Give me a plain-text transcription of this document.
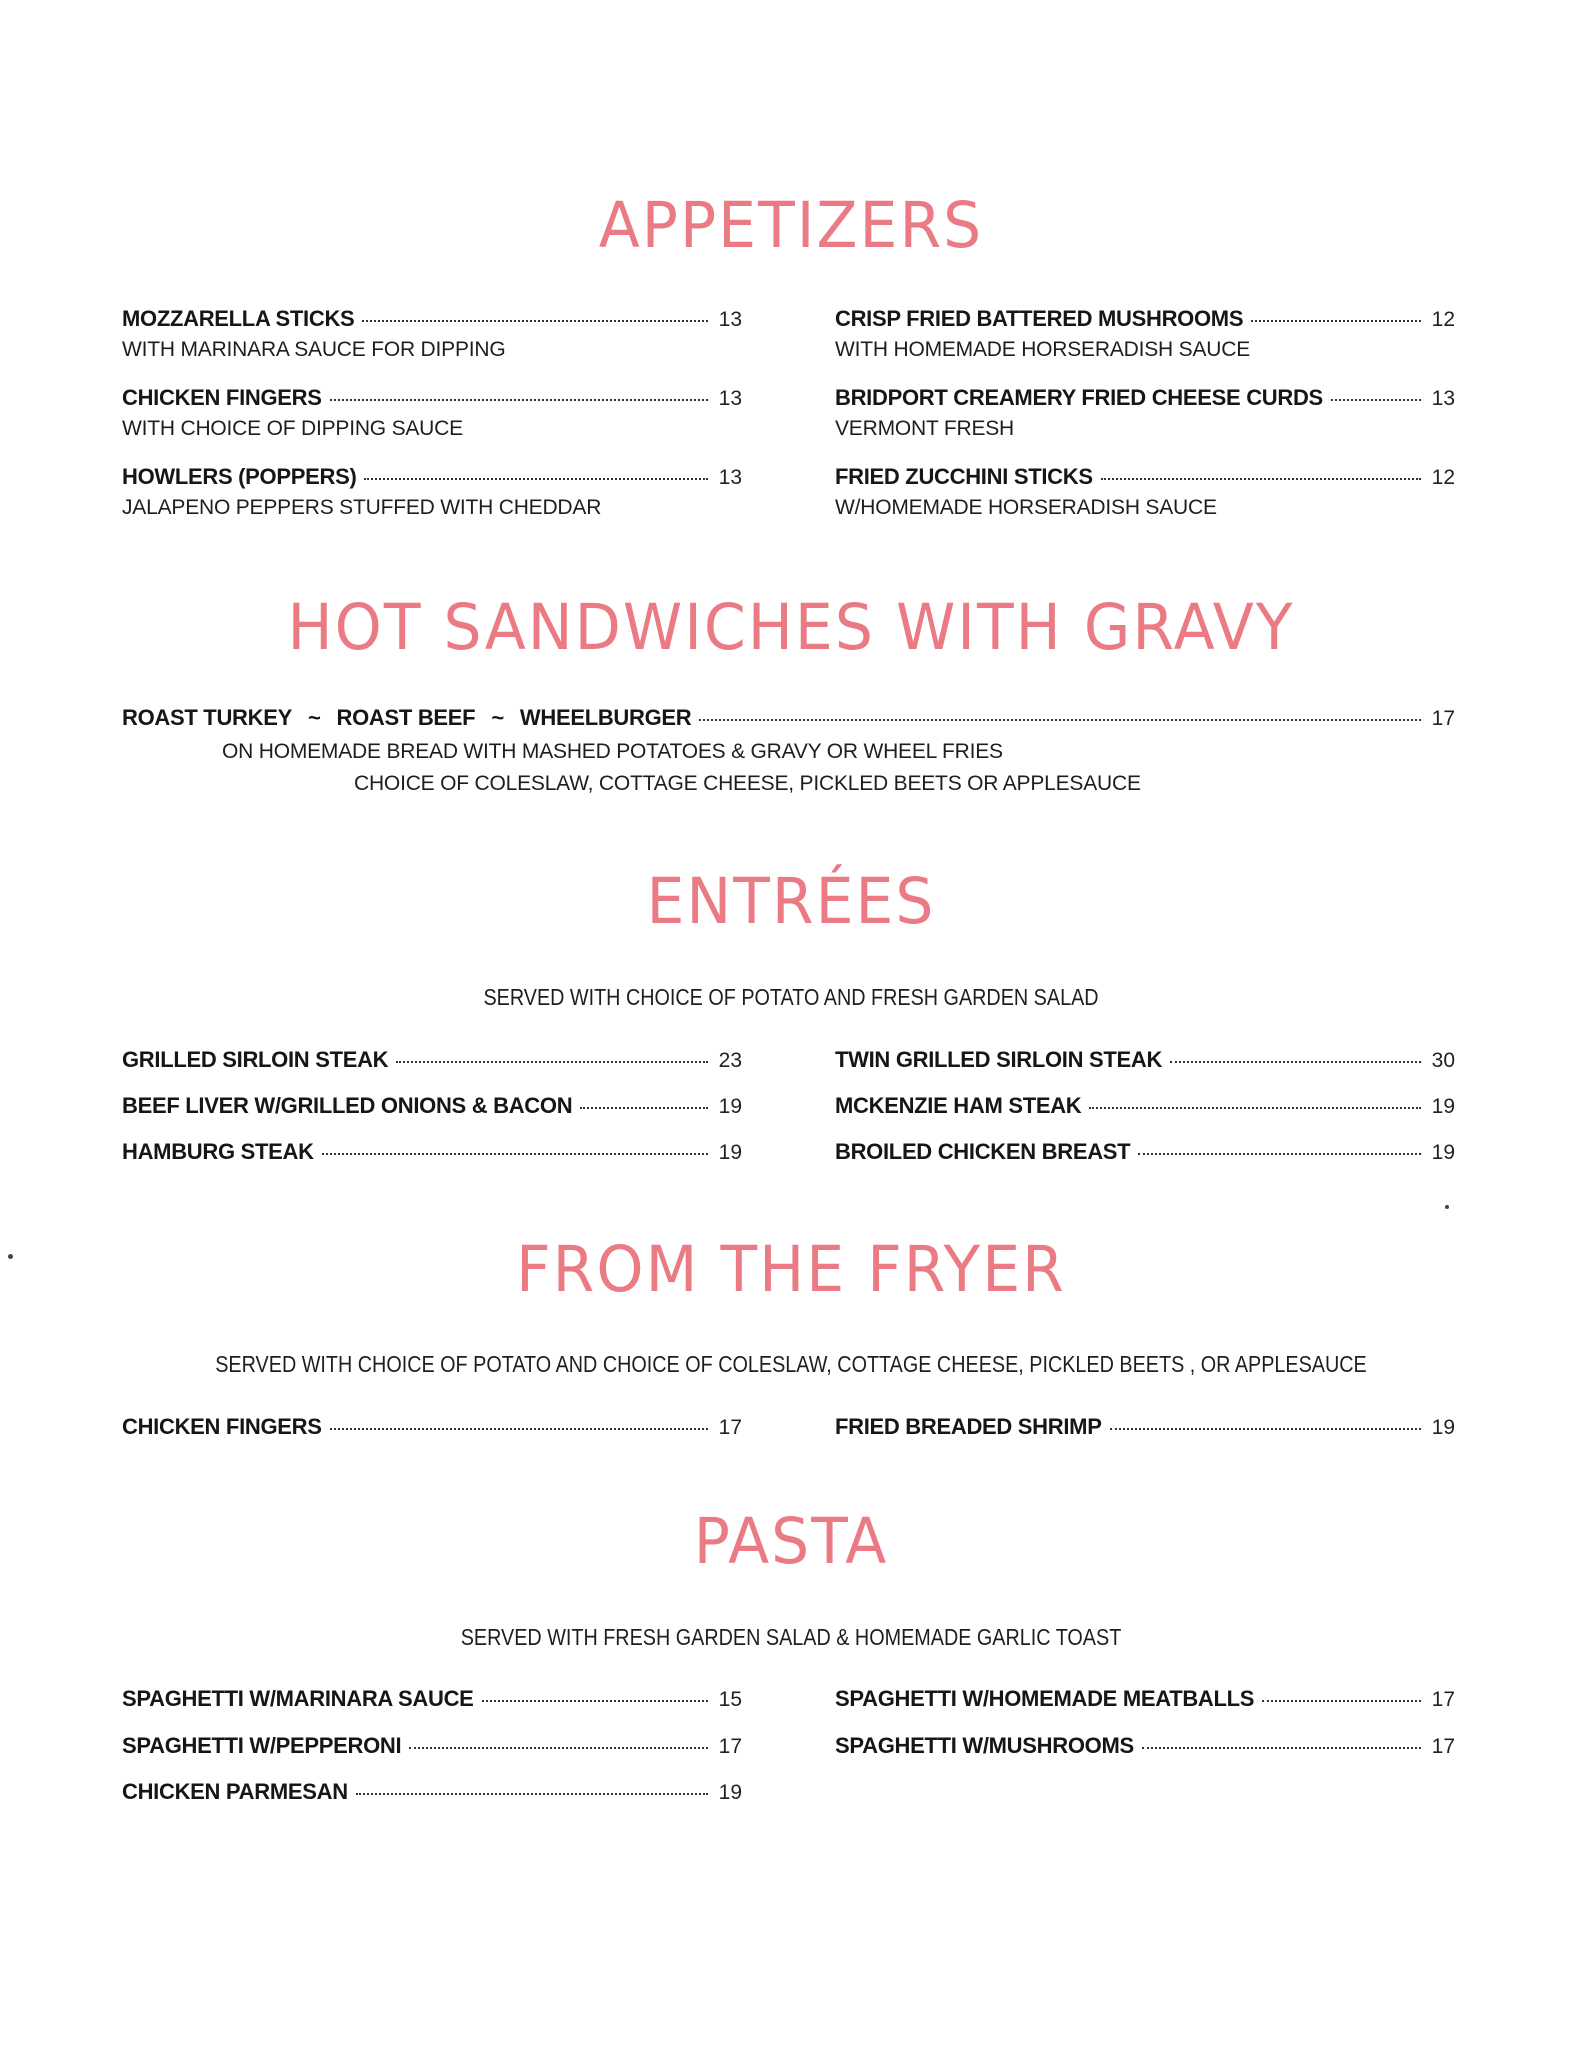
APPETIZERS
MOZZARELLA STICKS	13
WITH MARINARA SAUCE FOR DIPPING
CRISP FRIED BATTERED MUSHROOMS	12
WITH HOMEMADE HORSERADISH SAUCE
CHICKEN FINGERS	13
WITH CHOICE OF DIPPING SAUCE
BRIDPORT CREAMERY FRIED CHEESE CURDS	13
VERMONT FRESH
HOWLERS (POPPERS)	13
JALAPENO PEPPERS STUFFED WITH CHEDDAR
FRIED ZUCCHINI STICKS	12
W/HOMEMADE HORSERADISH SAUCE
HOT SANDWICHES WITH GRAVY
ROAST TURKEY ~ ROAST BEEF ~ WHEELBURGER	17
ON HOMEMADE BREAD WITH MASHED POTATOES & GRAVY OR WHEEL FRIES
CHOICE OF COLESLAW, COTTAGE CHEESE, PICKLED BEETS OR APPLESAUCE
ENTRÉES
SERVED WITH CHOICE OF POTATO AND FRESH GARDEN SALAD
GRILLED SIRLOIN STEAK	23	TWIN GRILLED SIRLOIN STEAK	30
BEEF LIVER W/GRILLED ONIONS & BACON	19	MCKENZIE HAM STEAK	19
HAMBURG STEAK	19	BROILED CHICKEN BREAST	19
FROM THE FRYER
SERVED WITH CHOICE OF POTATO AND CHOICE OF COLESLAW, COTTAGE CHEESE, PICKLED BEETS , OR APPLESAUCE
CHICKEN FINGERS	17	FRIED BREADED SHRIMP	19
PASTA
SERVED WITH FRESH GARDEN SALAD & HOMEMADE GARLIC TOAST
SPAGHETTI W/MARINARA SAUCE	15	SPAGHETTI W/HOMEMADE MEATBALLS	17
SPAGHETTI W/PEPPERONI	17	SPAGHETTI W/MUSHROOMS	17
CHICKEN PARMESAN	19
